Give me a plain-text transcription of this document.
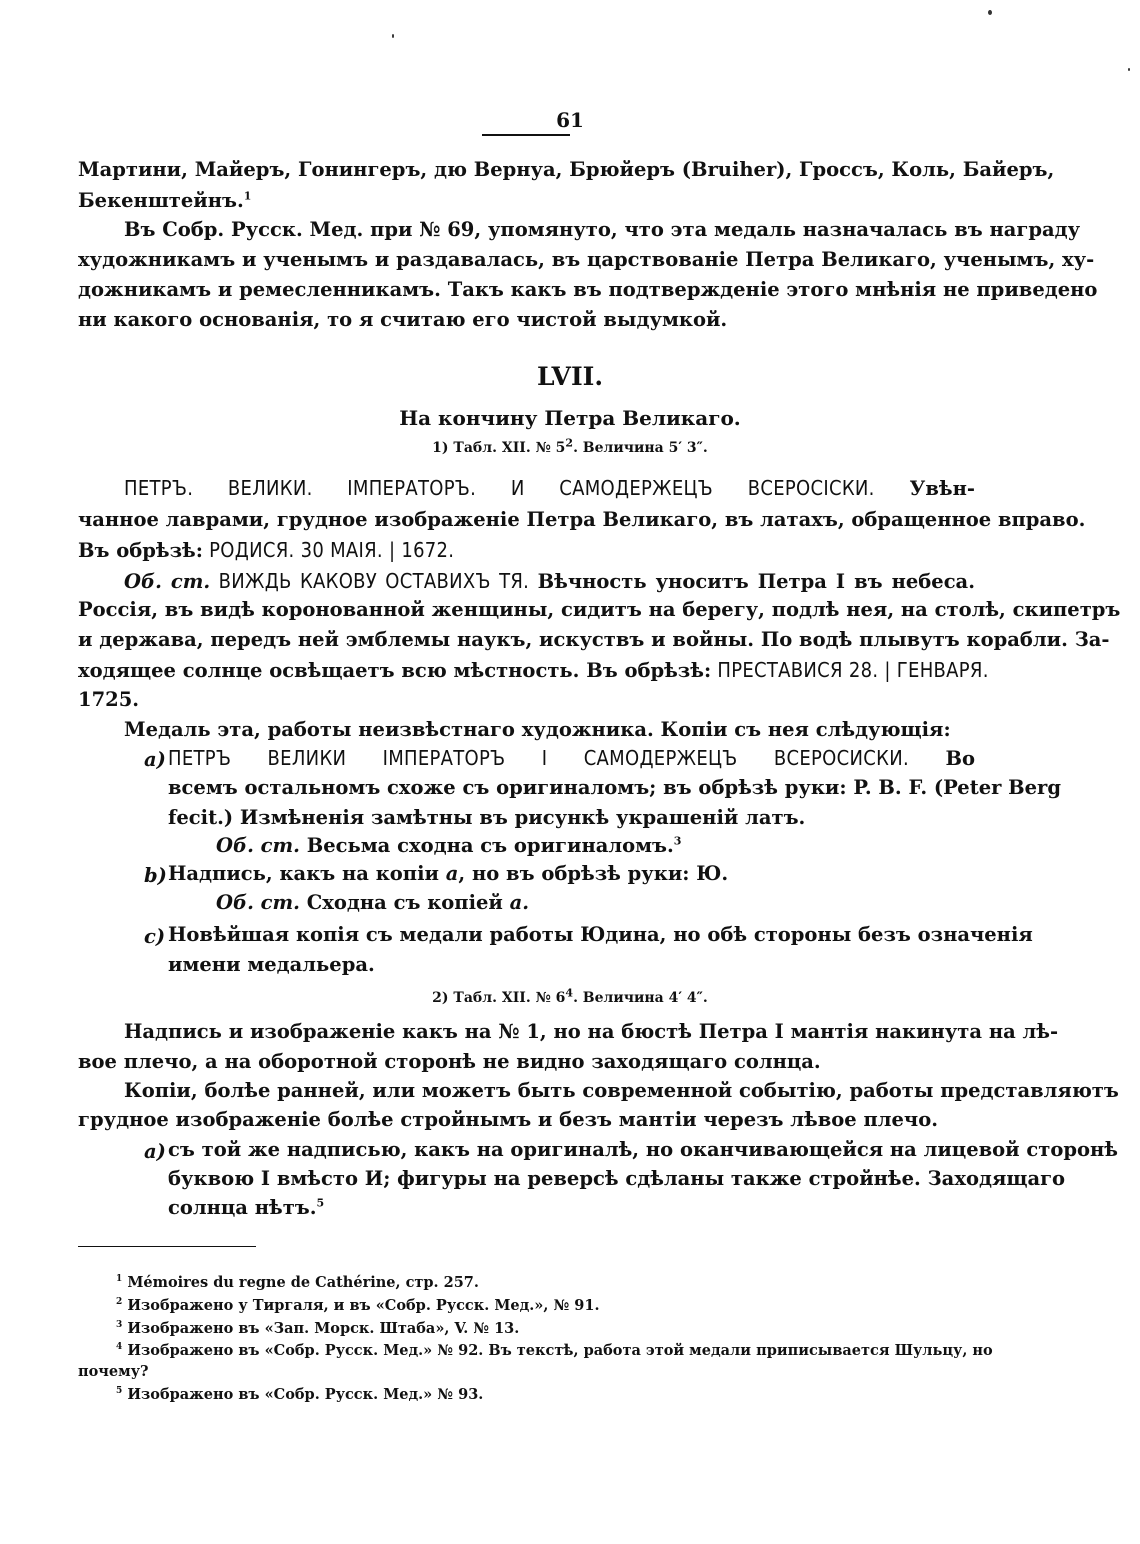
61
Мартини, Майеръ, Гонингеръ, дю Вернуа, Брюйеръ (Bruiher), Гроссъ, Коль, Байеръ,
Бекенштейнъ.$^1$
Въ Собр. Русск. Мед. при № 69, упомянуто, что эта медаль назначалась въ награду
художникамъ и ученымъ и раздавалась, въ царствованіе Петра Великаго, ученымъ, ху-
дожникамъ и ремесленникамъ. Такъ какъ въ подтвержденіе этого мнѣнія не приведено
ни какого основанія, то я считаю его чистой выдумкой.
LVII.
На кончину Петра Великаго.
1) Табл. XII. № $5^2$. Величина 5′ 3″.
ПЕТРЪ. ВЕЛИКИ. ІМПЕРАТОРЪ. И САМОДЕРЖЕЦЪ ВСЕРОСІСКИ. Увѣн-
чанное лаврами, грудное изображеніе Петра Великаго, въ латахъ, обращенное вправо.
Въ обрѣзѣ: РОДИСЯ. 30 МАІЯ. | 1672.
Об. ст. ВИЖДЬ КАКОВУ ОСТАВИХЪ ТЯ. Вѣчность уноситъ Петра I въ небеса.
Россія, въ видѣ коронованной женщины, сидитъ на берегу, подлѣ нея, на столѣ, скипетръ
и держава, передъ ней эмблемы наукъ, искуствъ и войны. По водѣ плывутъ корабли. За-
ходящее солнце освѣщаетъ всю мѣстность. Въ обрѣзѣ: ПРЕСТАВИСЯ 28. | ГЕНВАРЯ.
1725.
Медаль эта, работы неизвѣстнаго художника. Копіи съ нея слѣдующія:
a) ПЕТРЪ ВЕЛИКИ ІМПЕРАТОРЪ I САМОДЕРЖЕЦЪ ВСЕРОСИСКИ. Во
всемъ остальномъ схоже съ оригиналомъ; въ обрѣзѣ руки: P. B. F. (Peter Berg
fecit.) Измѣненія замѣтны въ рисункѣ украшеній латъ.
Об. ст. Весьма сходна съ оригиналомъ.$^3$
b) Надпись, какъ на копіи a, но въ обрѣзѣ руки: Ю.
Об. ст. Сходна съ копіей a.
c) Новѣйшая копія съ медали работы Юдина, но обѣ стороны безъ означенія
имени медальера.
2) Табл. XII. № $6^4$. Величина 4′ 4″.
Надпись и изображеніе какъ на № 1, но на бюстѣ Петра I мантія накинута на лѣ-
вое плечо, а на оборотной сторонѣ не видно заходящаго солнца.
Копіи, болѣе ранней, или можетъ быть современной событію, работы представляютъ
грудное изображеніе болѣе стройнымъ и безъ мантіи черезъ лѣвое плечо.
a) съ той же надписью, какъ на оригиналѣ, но оканчивающейся на лицевой сторонѣ
буквою I вмѣсто И; фигуры на реверсѣ сдѣланы также стройнѣе. Заходящаго
солнца нѣтъ.$^5$
$^1$ Mémoires du regne de Cathérine, стр. 257.
$^2$ Изображено у Тиргаля, и въ «Собр. Русск. Мед.», № 91.
$^3$ Изображено въ «Зап. Морск. Штаба», V. № 13.
$^4$ Изображено въ «Собр. Русск. Мед.» № 92. Въ текстѣ, работа этой медали приписывается Шульцу, но
почему?
$^5$ Изображено въ «Собр. Русск. Мед.» № 93.
